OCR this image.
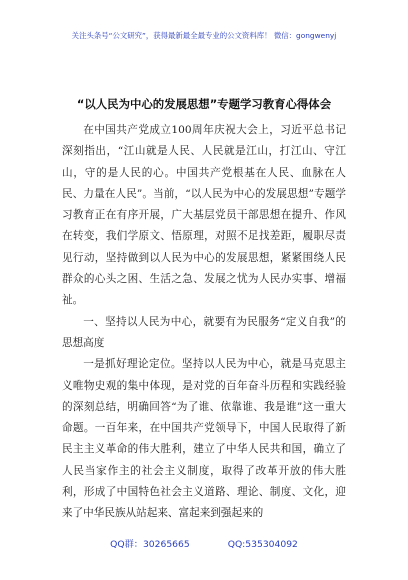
关注头条号“公文研究”，获得最新最全最专业的公文资料库！ 微信：gongwenyj
“以人民为中心的发展思想”专题学习教育心得体会

在中国共产党成立100周年庆祝大会上，习近平总书记深刻指出，“江山就是人民、人民就是江山，打江山、守江山，守的是人民的心。中国共产党根基在人民、血脉在人民、力量在人民”。当前，“以人民为中心的发展思想”专题学习教育正在有序开展，广大基层党员干部思想在提升、作风在转变，我们学原文、悟原理，对照不足找差距，履职尽责见行动，坚持做到以人民为中心的发展思想，紧紧围绕人民群众的心头之困、生活之急、发展之忧为人民办实事、增福祉。

一、坚持以人民为中心，就要有为民服务“定义自我”的思想高度

一是抓好理论定位。坚持以人民为中心，就是马克思主义唯物史观的集中体现，是对党的百年奋斗历程和实践经验的深刻总结，明确回答“为了谁、依靠谁、我是谁”这一重大命题。一百年来，在中国共产党领导下，中国人民取得了新民主主义革命的伟大胜利，建立了中华人民共和国，确立了人民当家作主的社会主义制度，取得了改革开放的伟大胜利，形成了中国特色社会主义道路、理论、制度、文化，迎来了中华民族从站起来、富起来到强起来的

QQ群：30265665	QQ:535304092
